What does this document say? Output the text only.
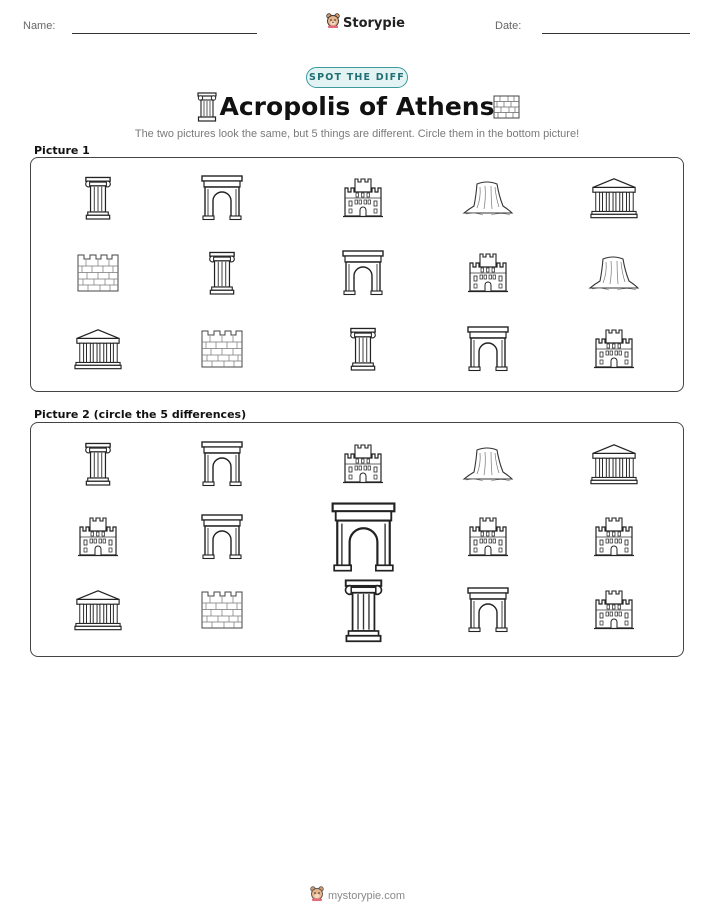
Name:	Storypie	Date:
SPOT THE DIFF
Acropolis of Athens
The two pictures look the same, but 5 things are different. Circle them in the bottom picture!
Picture 1
Picture 2 (circle the 5 differences)
mystorypie.com
